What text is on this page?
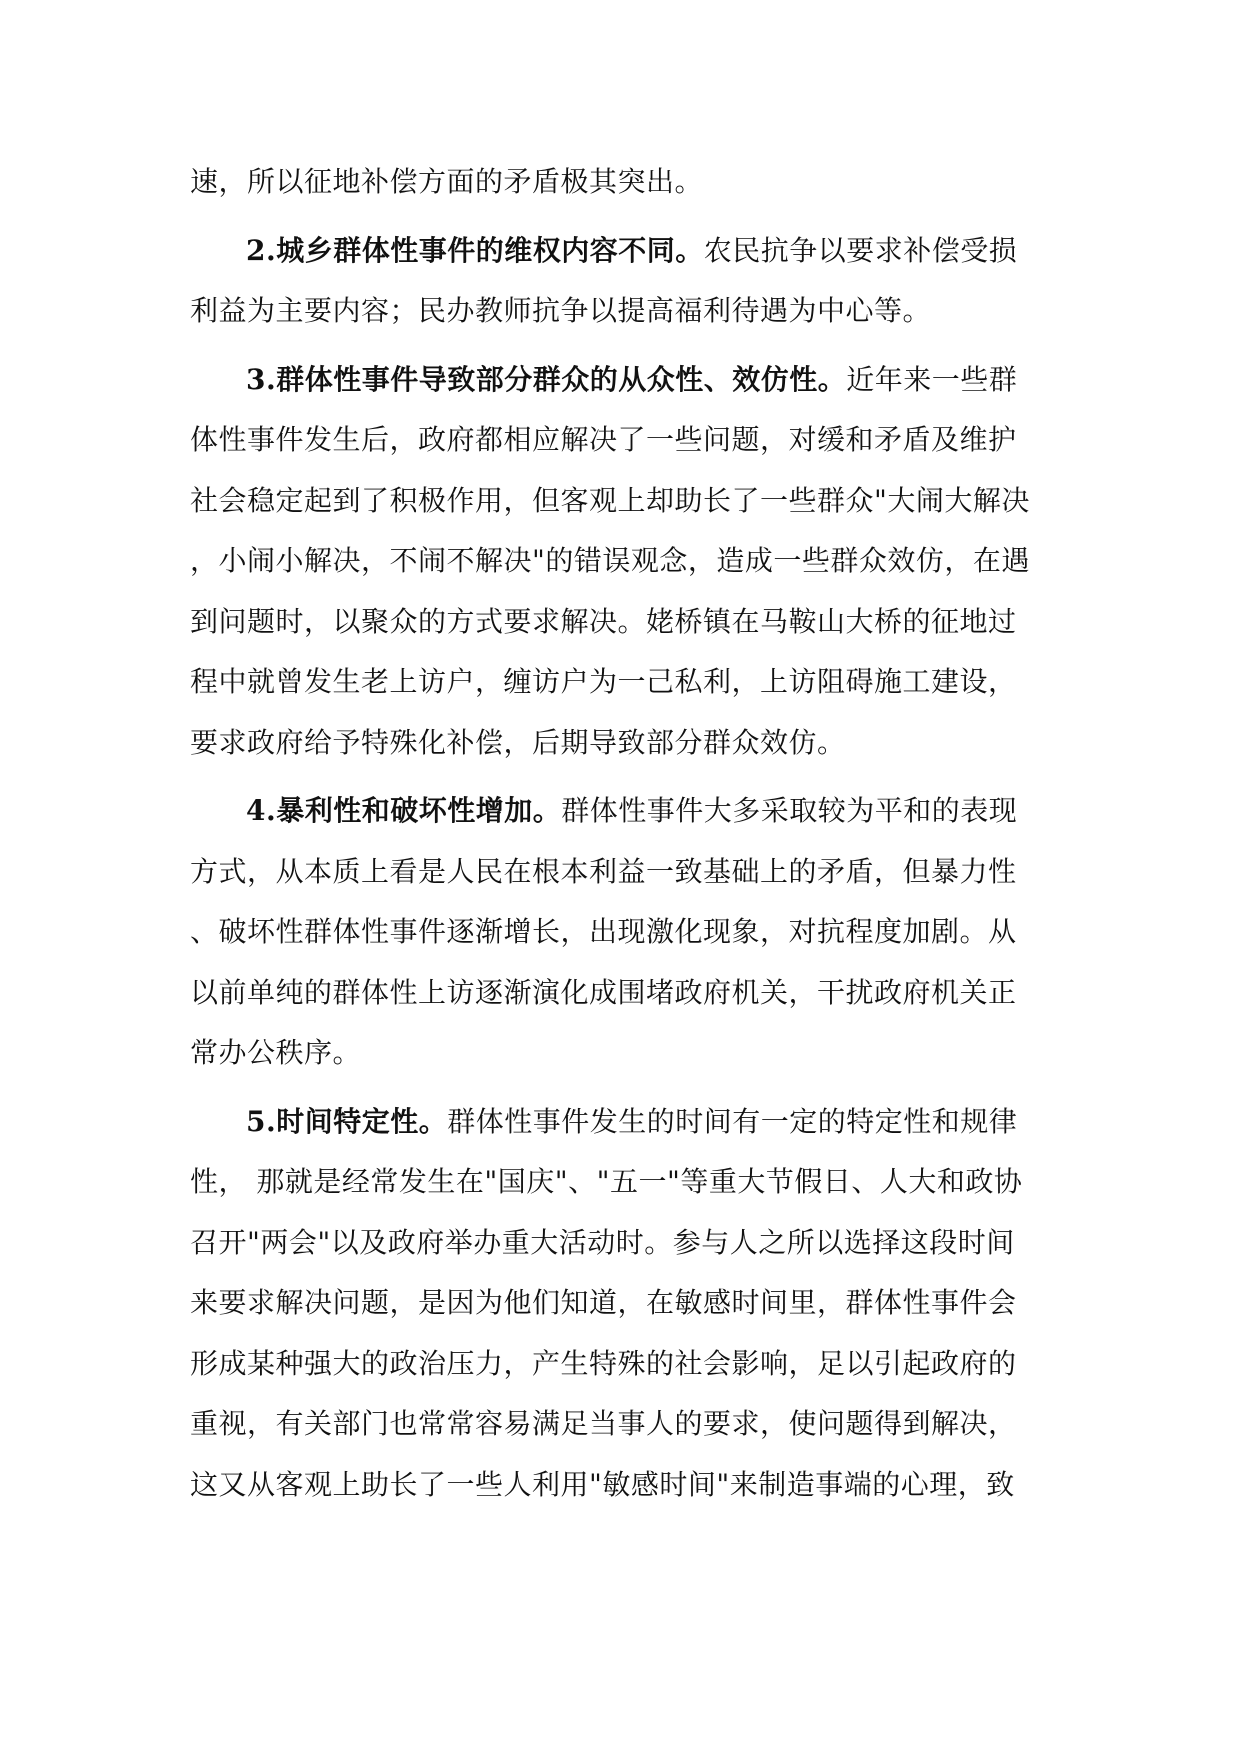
速，所以征地补偿方面的矛盾极其突出。
2.城乡群体性事件的维权内容不同。农民抗争以要求补偿受损
利益为主要内容；民办教师抗争以提高福利待遇为中心等。
3.群体性事件导致部分群众的从众性、效仿性。近年来一些群
体性事件发生后，政府都相应解决了一些问题，对缓和矛盾及维护
社会稳定起到了积极作用，但客观上却助长了一些群众"大闹大解决
，小闹小解决，不闹不解决"的错误观念，造成一些群众效仿，在遇
到问题时，以聚众的方式要求解决。姥桥镇在马鞍山大桥的征地过
程中就曾发生老上访户，缠访户为一己私利，上访阻碍施工建设，
要求政府给予特殊化补偿，后期导致部分群众效仿。
4.暴利性和破坏性增加。群体性事件大多采取较为平和的表现
方式，从本质上看是人民在根本利益一致基础上的矛盾，但暴力性
、破坏性群体性事件逐渐增长，出现激化现象，对抗程度加剧。从
以前单纯的群体性上访逐渐演化成围堵政府机关，干扰政府机关正
常办公秩序。
5.时间特定性。群体性事件发生的时间有一定的特定性和规律
性， 那就是经常发生在"国庆"、"五一"等重大节假日、人大和政协
召开"两会"以及政府举办重大活动时。参与人之所以选择这段时间
来要求解决问题，是因为他们知道，在敏感时间里，群体性事件会
形成某种强大的政治压力，产生特殊的社会影响，足以引起政府的
重视，有关部门也常常容易满足当事人的要求，使问题得到解决，
这又从客观上助长了一些人利用"敏感时间"来制造事端的心理，致
